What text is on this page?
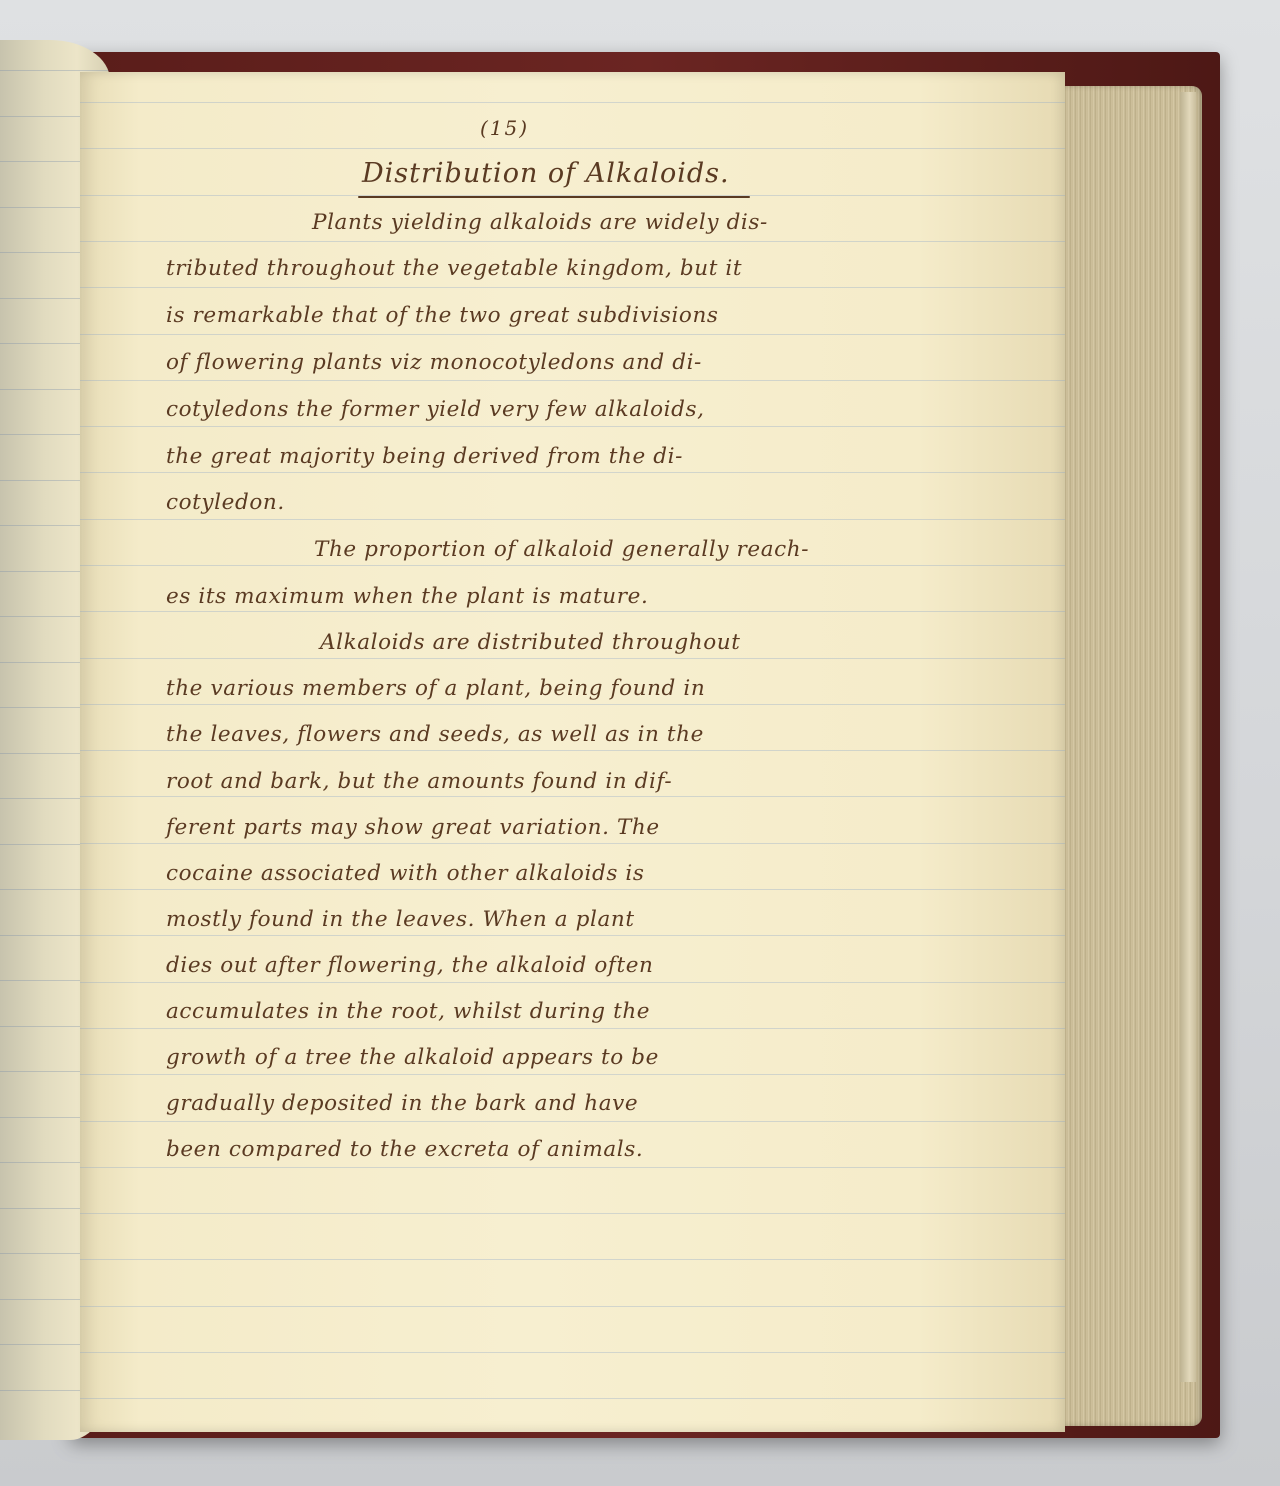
(15)
Distribution of Alkaloids.
Plants yielding alkaloids are widely dis-
tributed throughout the vegetable kingdom, but it
is remarkable that of the two great subdivisions
of flowering plants viz monocotyledons and di-
cotyledons the former yield very few alkaloids,
the great majority being derived from the di-
cotyledon.
The proportion of alkaloid generally reach-
es its maximum when the plant is mature.
Alkaloids are distributed throughout
the various members of a plant, being found in
the leaves, flowers and seeds, as well as in the
root and bark, but the amounts found in dif-
ferent parts may show great variation. The
cocaine associated with other alkaloids is
mostly found in the leaves. When a plant
dies out after flowering, the alkaloid often
accumulates in the root, whilst during the
growth of a tree the alkaloid appears to be
gradually deposited in the bark and have
been compared to the excreta of animals.
